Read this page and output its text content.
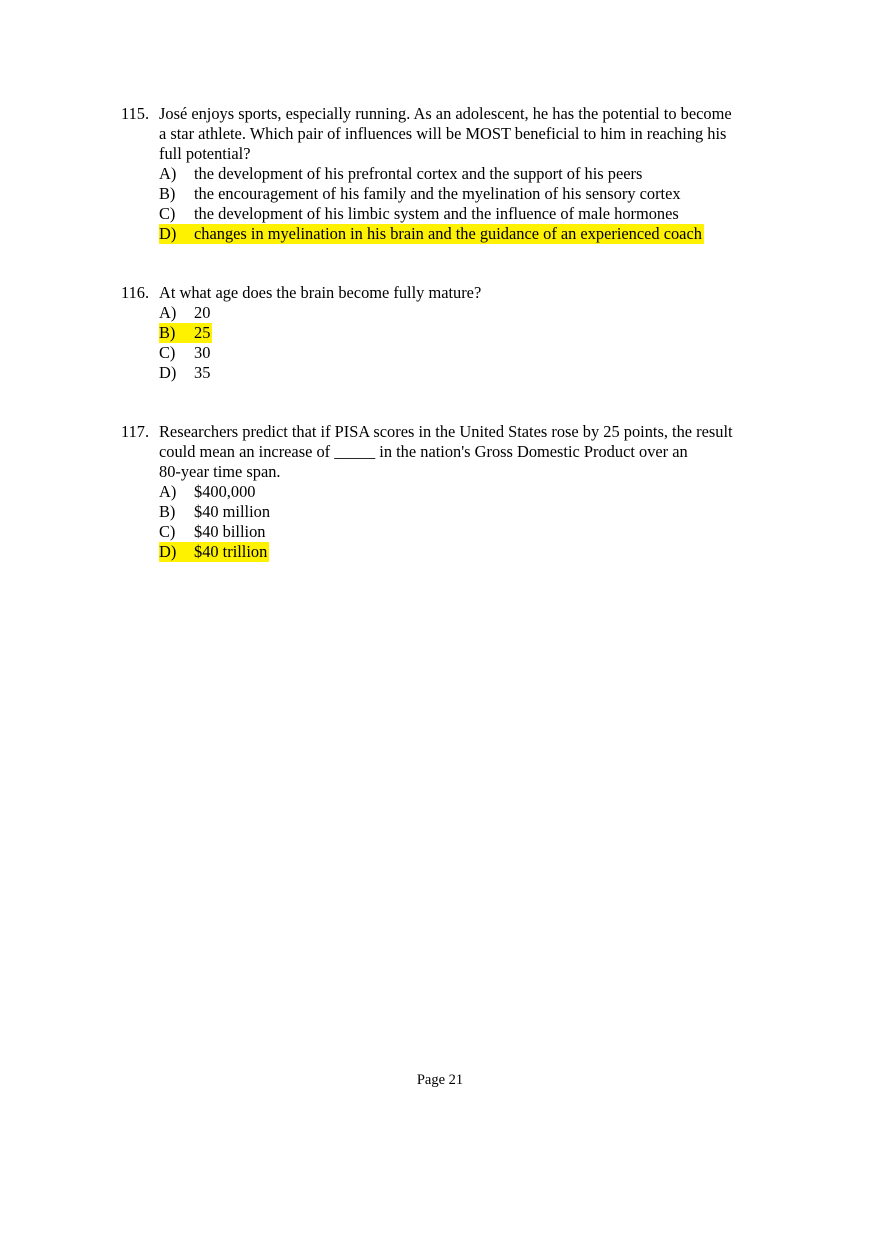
115. José enjoys sports, especially running. As an adolescent, he has the potential to become
a star athlete. Which pair of influences will be MOST beneficial to him in reaching his
full potential?
A) the development of his prefrontal cortex and the support of his peers
B) the encouragement of his family and the myelination of his sensory cortex
C) the development of his limbic system and the influence of male hormones
D) changes in myelination in his brain and the guidance of an experienced coach
116. At what age does the brain become fully mature?
A) 20
B) 25
C) 30
D) 35
117. Researchers predict that if PISA scores in the United States rose by 25 points, the result
could mean an increase of _____ in the nation's Gross Domestic Product over an
80-year time span.
A) $400,000
B) $40 million
C) $40 billion
D) $40 trillion
Page 21
